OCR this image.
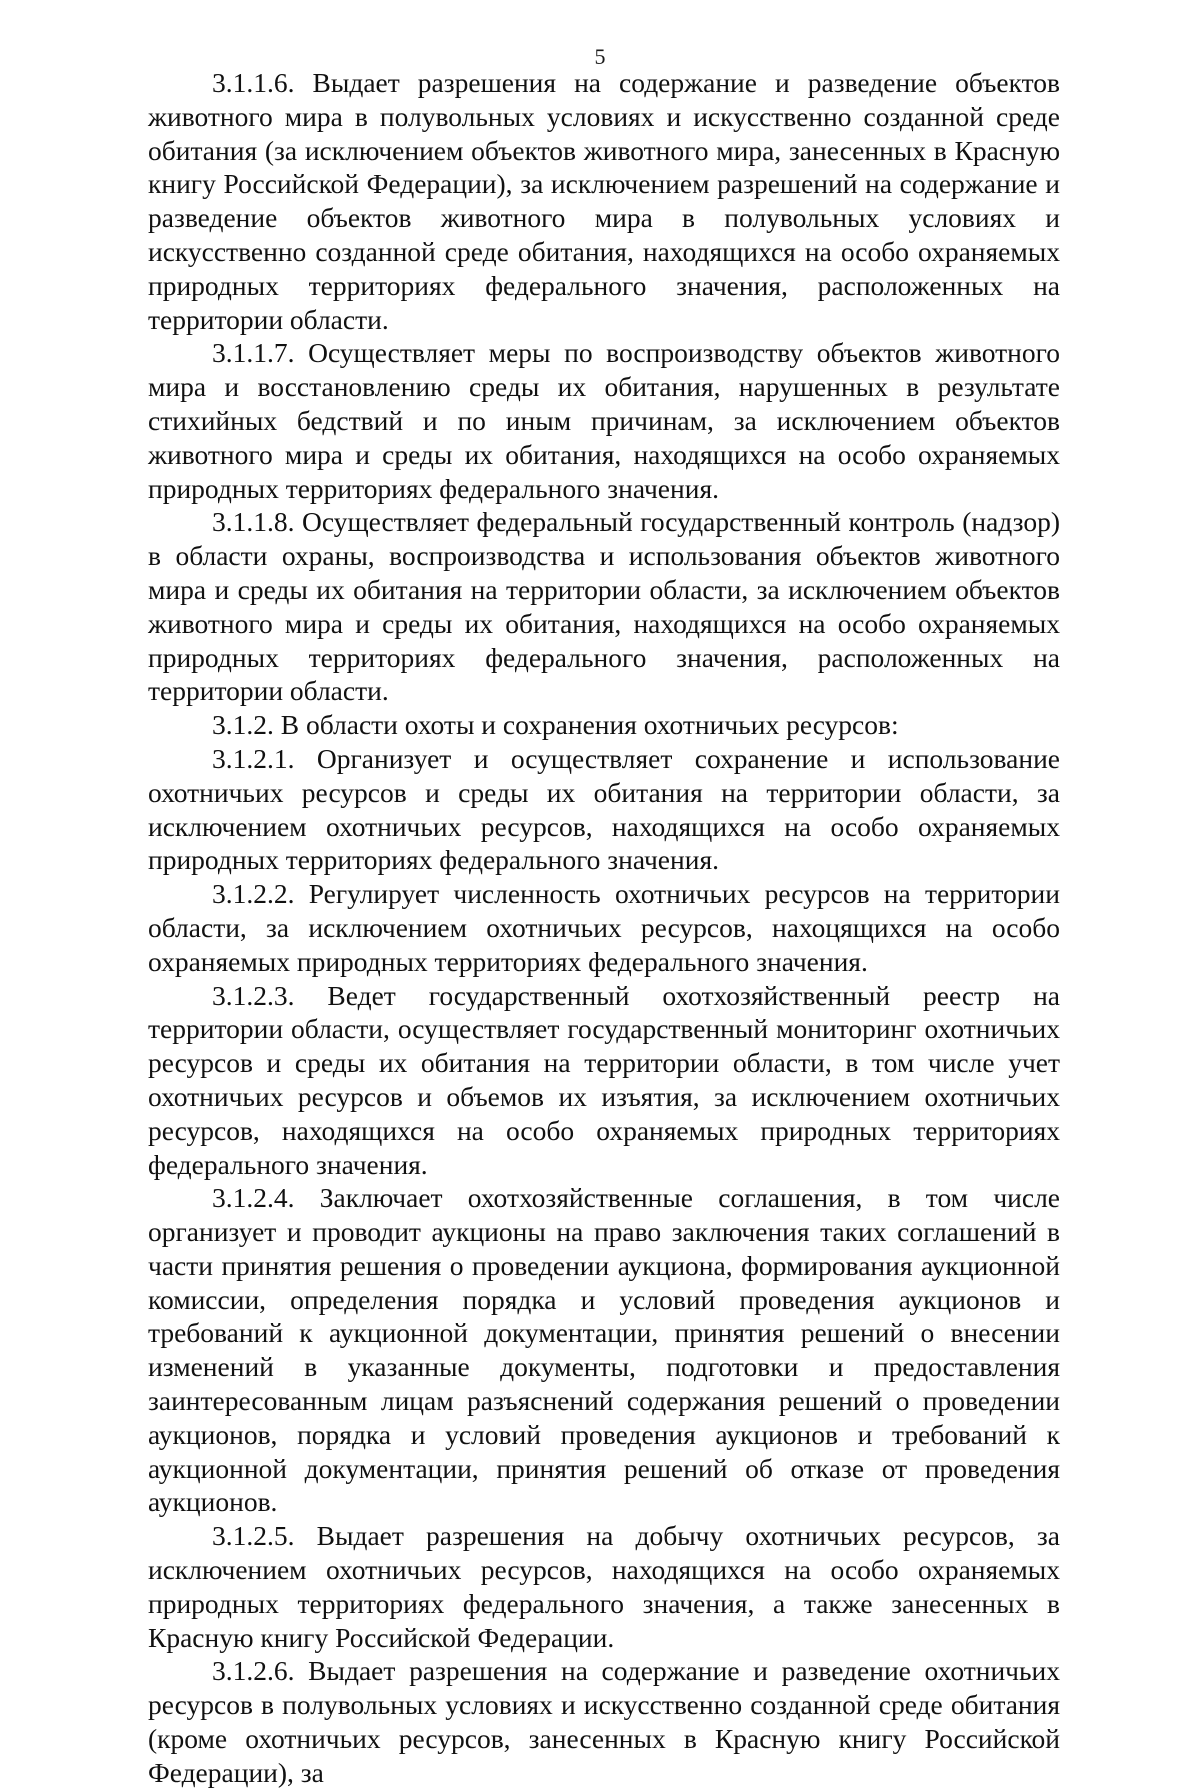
5

3.1.1.6. Выдает разрешения на содержание и разведение объектов животного мира в полувольных условиях и искусственно созданной среде обитания (за исключением объектов животного мира, занесенных в Красную книгу Российской Федерации), за исключением разрешений на содержание и разведение объектов животного мира в полувольных условиях и искусственно созданной среде обитания, находящихся на особо охраняемых природных территориях федерального значения, расположенных на территории области.

3.1.1.7. Осуществляет меры по воспроизводству объектов животного мира и восстановлению среды их обитания, нарушенных в результате стихийных бедствий и по иным причинам, за исключением объектов животного мира и среды их обитания, находящихся на особо охраняемых природных территориях федерального значения.

3.1.1.8. Осуществляет федеральный государственный контроль (надзор) в области охраны, воспроизводства и использования объектов животного мира и среды их обитания на территории области, за исключением объектов животного мира и среды их обитания, находящихся на особо охраняемых природных территориях федерального значения, расположенных на территории области.

3.1.2. В области охоты и сохранения охотничьих ресурсов:

3.1.2.1. Организует и осуществляет сохранение и использование охотничьих ресурсов и среды их обитания на территории области, за исключением охотничьих ресурсов, находящихся на особо охраняемых природных территориях федерального значения.

3.1.2.2. Регулирует численность охотничьих ресурсов на территории области, за исключением охотничьих ресурсов, нахоцящихся на особо охраняемых природных территориях федерального значения.

3.1.2.3. Ведет государственный охотхозяйственный реестр на территории области, осуществляет государственный мониторинг охотничьих ресурсов и среды их обитания на территории области, в том числе учет охотничьих ресурсов и объемов их изъятия, за исключением охотничьих ресурсов, находящихся на особо охраняемых природных территориях федерального значения.

3.1.2.4. Заключает охотхозяйственные соглашения, в том числе организует и проводит аукционы на право заключения таких соглашений в части принятия решения о проведении аукциона, формирования аукционной комиссии, определения порядка и условий проведения аукционов и требований к аукционной документации, принятия решений о внесении изменений в указанные документы, подготовки и предоставления заинтересованным лицам разъяснений содержания решений о проведении аукционов, порядка и условий проведения аукционов и требований к аукционной документации, принятия решений об отказе от проведения аукционов.

3.1.2.5. Выдает разрешения на добычу охотничьих ресурсов, за исключением охотничьих ресурсов, находящихся на особо охраняемых природных территориях федерального значения, а также занесенных в Красную книгу Российской Федерации.

3.1.2.6. Выдает разрешения на содержание и разведение охотничьих ресурсов в полувольных условиях и искусственно созданной среде обитания (кроме охотничьих ресурсов, занесенных в Красную книгу Российской Федерации), за
